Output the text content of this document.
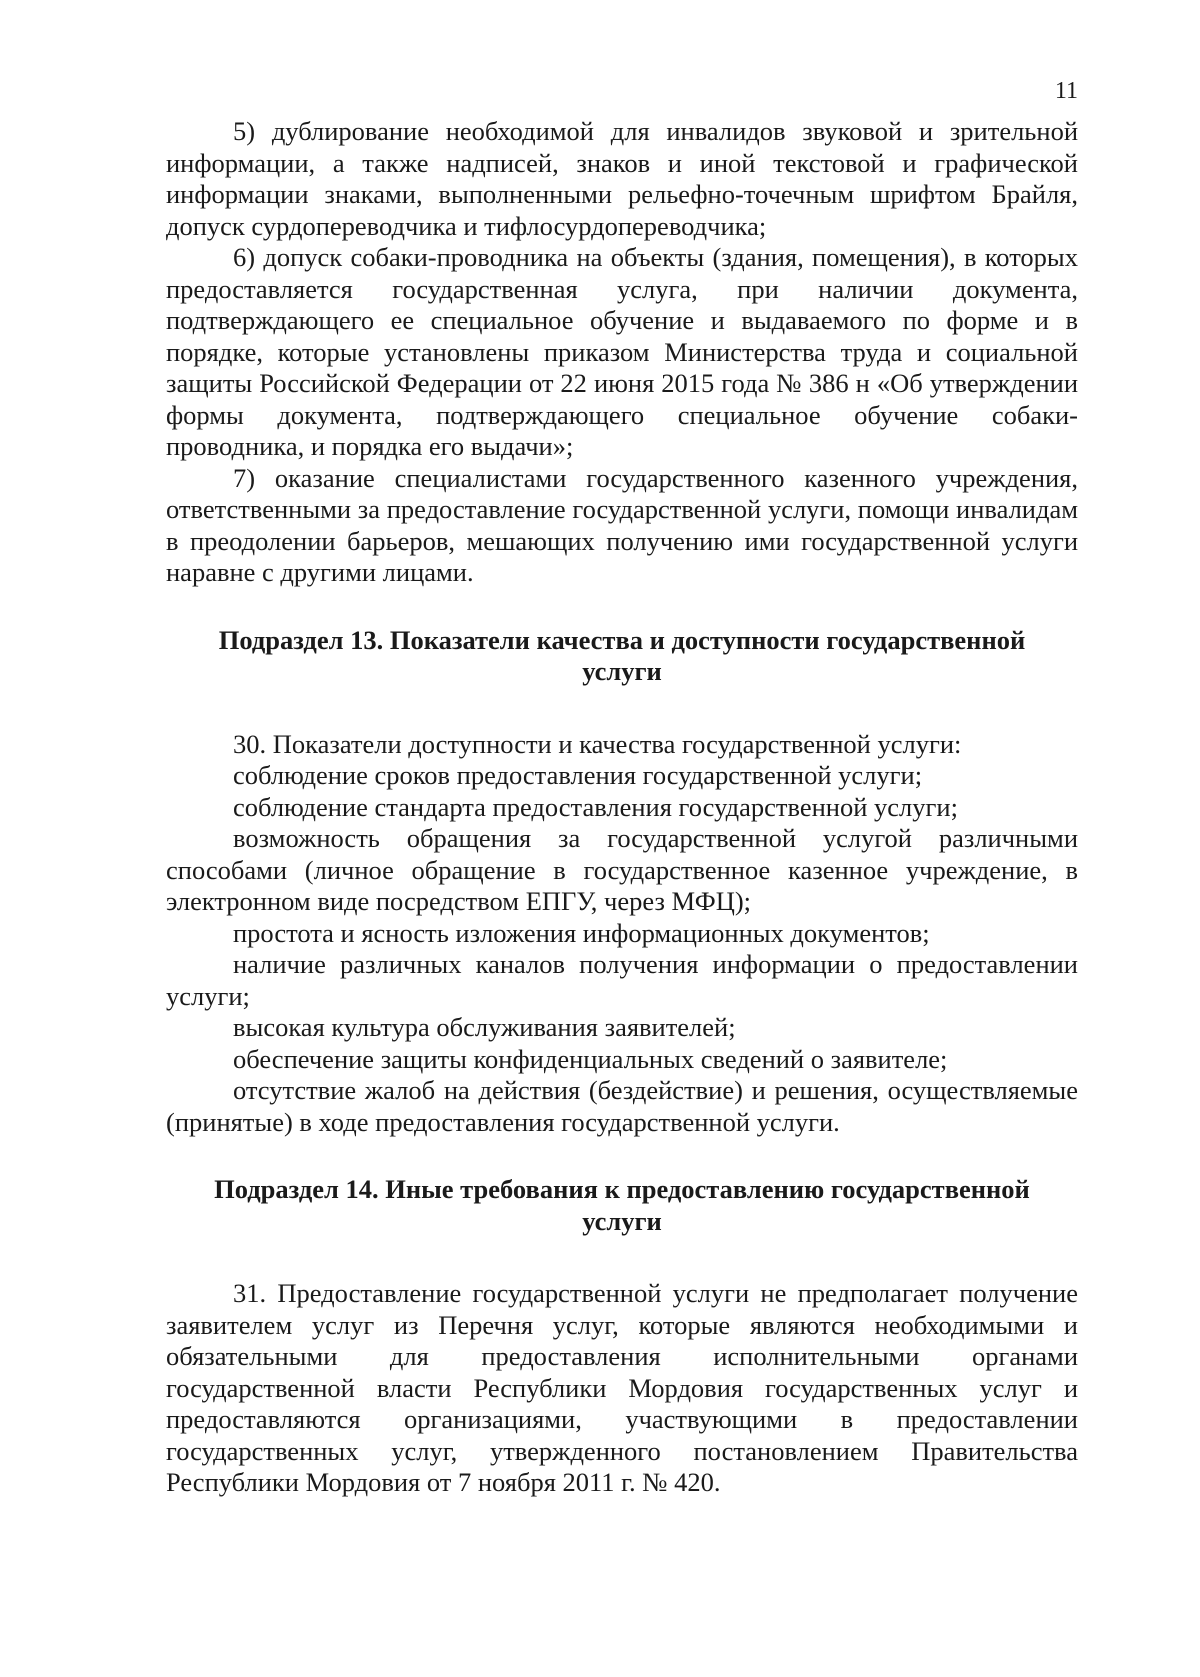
11

5) дублирование необходимой для инвалидов звуковой и зрительной информации, а также надписей, знаков и иной текстовой и графической информации знаками, выполненными рельефно-точечным шрифтом Брайля, допуск сурдопереводчика и тифлосурдопереводчика;

6) допуск собаки-проводника на объекты (здания, помещения), в которых предоставляется государственная услуга, при наличии документа, подтверждающего ее специальное обучение и выдаваемого по форме и в порядке, которые установлены приказом Министерства труда и социальной защиты Российской Федерации от 22 июня 2015 года № 386 н «Об утверждении формы документа, подтверждающего специальное обучение собаки-проводника, и порядка его выдачи»;

7) оказание специалистами государственного казенного учреждения, ответственными за предоставление государственной услуги, помощи инвалидам в преодолении барьеров, мешающих получению ими государственной услуги наравне с другими лицами.

Подраздел 13. Показатели качества и доступности государственной услуги

30. Показатели доступности и качества государственной услуги:

соблюдение сроков предоставления государственной услуги;

соблюдение стандарта предоставления государственной услуги;

возможность обращения за государственной услугой различными способами (личное обращение в государственное казенное учреждение, в электронном виде посредством ЕПГУ, через МФЦ);

простота и ясность изложения информационных документов;

наличие различных каналов получения информации о предоставлении услуги;

высокая культура обслуживания заявителей;

обеспечение защиты конфиденциальных сведений о заявителе;

отсутствие жалоб на действия (бездействие) и решения, осуществляемые (принятые) в ходе предоставления государственной услуги.

Подраздел 14. Иные требования к предоставлению государственной услуги

31. Предоставление государственной услуги не предполагает получение заявителем услуг из Перечня услуг, которые являются необходимыми и обязательными для предоставления исполнительными органами государственной власти Республики Мордовия государственных услуг и предоставляются организациями, участвующими в предоставлении государственных услуг, утвержденного постановлением Правительства Республики Мордовия от 7 ноября 2011 г. № 420.
